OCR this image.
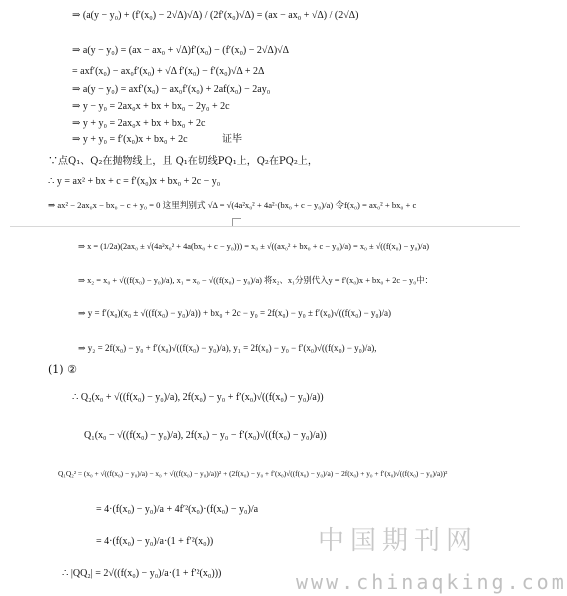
⇒ (a(y − y₀) + (f′(x₀) − 2√Δ)√Δ) / (2f′(x₀)√Δ) = (ax − ax₀ + √Δ) / (2√Δ)
⇒ a(y − y₀) = (ax − ax₀ + √Δ)f′(x₀) − (f′(x₀) − 2√Δ)√Δ
= axf′(x₀) − ax₀f′(x₀) + √Δ f′(x₀) − f′(x₀)√Δ + 2Δ
⇒ a(y − y₀) = axf′(x₀) − ax₀f′(x₀) + 2af(x₀) − 2ay₀
⇒ y − y₀ = 2ax₀x + bx + bx₀ − 2y₀ + 2c
⇒ y + y₀ = 2ax₀x + bx + bx₀ + 2c
⇒ y + y₀ = f′(x₀)x + bx₀ + 2c	证毕
∵点Q₁、Q₂在抛物线上，且 Q₁在切线PQ₁上，Q₂在PQ₂上，
∴ y = ax² + bx + c = f′(x₀)x + bx₀ + 2c − y₀
⇒ ax² − 2ax₀x − bx₀ − c + y₀ = 0 这里判别式 √Δ = √(4a²x₀² + 4a²·(bx₀ + c − y₀)/a) 令f(x₀) = ax₀² + bx₀ + c
⇒ x = (1/2a)(2ax₀ ± √(4a²x₀² + 4a(bx₀ + c − y₀))) = x₀ ± √((ax₀² + bx₀ + c − y₀)/a) = x₀ ± √((f(x₀) − y₀)/a)
⇒ x₂ = x₀ + √((f(x₀) − y₀)/a), x₁ = x₀ − √((f(x₀) − y₀)/a) 将x₂、x₁分别代入y = f′(x₀)x + bx₀ + 2c − y₀中：
⇒ y = f′(x₀)(x₀ ± √((f(x₀) − y₀)/a)) + bx₀ + 2c − y₀ = 2f(x₀) − y₀ ± f′(x₀)√((f(x₀) − y₀)/a)
⇒ y₂ = 2f(x₀) − y₀ + f′(x₀)√((f(x₀) − y₀)/a), y₁ = 2f(x₀) − y₀ − f′(x₀)√((f(x₀) − y₀)/a),
(1) ②
∴ Q₂(x₀ + √((f(x₀) − y₀)/a), 2f(x₀) − y₀ + f′(x₀)√((f(x₀) − y₀)/a))
Q₁(x₀ − √((f(x₀) − y₀)/a), 2f(x₀) − y₀ − f′(x₀)√((f(x₀) − y₀)/a))
Q₁Q₂² = (x₀ + √((f(x₀) − y₀)/a) − x₀ + √((f(x₀) − y₀)/a))² + (2f(x₀) − y₀ + f′(x₀)√((f(x₀) − y₀)/a) − 2f(x₀) + y₀ + f′(x₀)√((f(x₀) − y₀)/a))²
= 4·(f(x₀) − y₀)/a + 4f′²(x₀)·(f(x₀) − y₀)/a
= 4·(f(x₀) − y₀)/a·(1 + f′²(x₀))
∴ |QQ₂| = 2√((f(x₀) − y₀)/a·(1 + f′²(x₀)))
中国期刊网
www.chinaqking.com
